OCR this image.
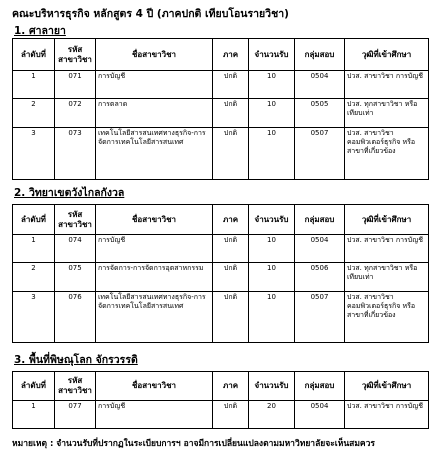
คณะบริหารธุรกิจ หลักสูตร 4 ปี (ภาคปกติ เทียบโอนรายวิชา)
1. ศาลายา
ลำดับที่	รหัส สาขาวิชา	ชื่อสาขาวิชา	ภาค	จำนวนรับ	กลุ่มสอบ	วุฒิที่เข้าศึกษา
1	071	การบัญชี	ปกติ	10	0504	ปวส. สาขาวิชา การบัญชี
2	072	การตลาด	ปกติ	10	0505	ปวส. ทุกสาขาวิชา หรือเทียบเท่า
3	073	เทคโนโลยีสารสนเทศทางธุรกิจ-การจัดการเทคโนโลยีสารสนเทศ	ปกติ	10	0507	ปวส. สาขาวิชา คอมพิวเตอร์ธุรกิจ หรือสาขาที่เกี่ยวข้อง
2. วิทยาเขตวังไกลกังวล
ลำดับที่	รหัส สาขาวิชา	ชื่อสาขาวิชา	ภาค	จำนวนรับ	กลุ่มสอบ	วุฒิที่เข้าศึกษา
1	074	การบัญชี	ปกติ	10	0504	ปวส. สาขาวิชา การบัญชี
2	075	การจัดการ-การจัดการอุตสาหกรรม	ปกติ	10	0506	ปวส. ทุกสาขาวิชา หรือเทียบเท่า
3	076	เทคโนโลยีสารสนเทศทางธุรกิจ-การจัดการเทคโนโลยีสารสนเทศ	ปกติ	10	0507	ปวส. สาขาวิชา คอมพิวเตอร์ธุรกิจ หรือสาขาที่เกี่ยวข้อง
3. พื้นที่พิษณุโลก จักรวรรดิ
ลำดับที่	รหัส สาขาวิชา	ชื่อสาขาวิชา	ภาค	จำนวนรับ	กลุ่มสอบ	วุฒิที่เข้าศึกษา
1	077	การบัญชี	ปกติ	20	0504	ปวส. สาขาวิชา การบัญชี
หมายเหตุ : จำนวนรับที่ปรากฏในระเบียบการฯ อาจมีการเปลี่ยนแปลงตามมหาวิทยาลัยจะเห็นสมควร
